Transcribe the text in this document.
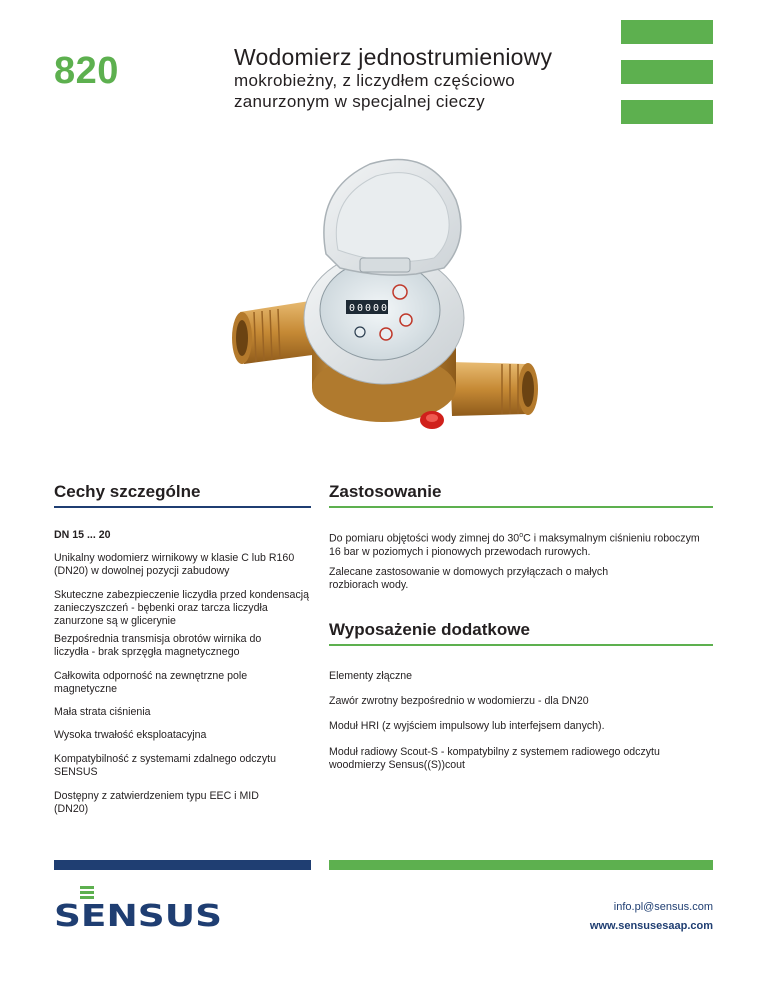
820	Wodomierz jednostrumieniowy
mokrobieżny, z liczydłem częściowo zanurzonym w specjalnej cieczy
0 0 0 0 0
Cechy szczególne
DN 15 ... 20
Unikalny wodomierz wirnikowy w klasie C lub R160 (DN20) w dowolnej pozycji zabudowy
Skuteczne zabezpieczenie liczydła przed kondensacją zanieczyszczeń - bębenki oraz tarcza liczydła zanurzone są w glicerynie
Bezpośrednia transmisja obrotów wirnika do liczydła - brak sprzęgła magnetycznego
Całkowita odporność na zewnętrzne pole magnetyczne
Mała strata ciśnienia
Wysoka trwałość eksploatacyjna
Kompatybilność z systemami zdalnego odczytu SENSUS
Dostępny z zatwierdzeniem typu EEC i MID (DN20)
Zastosowanie
Do pomiaru objętości wody zimnej do 30$^o$C i maksymalnym ciśnieniu roboczym 16 bar w poziomych i pionowych przewodach rurowych.
Zalecane zastosowanie w domowych przyłączach o małych rozbiorach wody.
Wyposażenie dodatkowe
Elementy złączne
Zawór zwrotny bezpośrednio w wodomierzu - dla DN20
Moduł HRI (z wyjściem impulsowy lub interfejsem danych).
Moduł radiowy Scout-S - kompatybilny z systemem radiowego odczytu woodmierzy Sensus((S))cout
SENSUS	info.pl@sensus.com
www.sensusesaap.com
